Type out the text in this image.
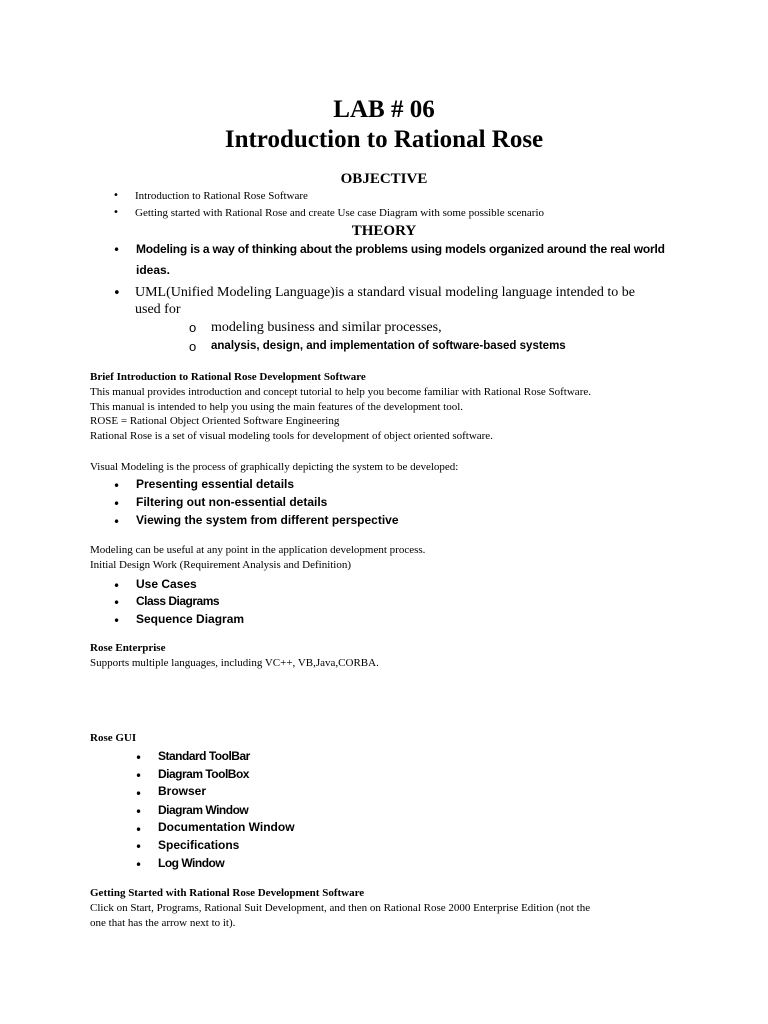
LAB # 06
Introduction to Rational Rose
OBJECTIVE
• Introduction to Rational Rose Software
• Getting started with Rational Rose and create Use case Diagram with some possible scenario
THEORY
• Modeling is a way of thinking about the problems using models organized around the real world
ideas.
• UML(Unified Modeling Language)is a standard visual modeling language intended to be
used for
o modeling business and similar processes,
o analysis, design, and implementation of software-based systems
Brief Introduction to Rational Rose Development Software
This manual provides introduction and concept tutorial to help you become familiar with Rational Rose Software.
This manual is intended to help you using the main features of the development tool.
ROSE = Rational Object Oriented Software Engineering
Rational Rose is a set of visual modeling tools for development of object oriented software.
Visual Modeling is the process of graphically depicting the system to be developed:
• Presenting essential details
• Filtering out non-essential details
• Viewing the system from different perspective
Modeling can be useful at any point in the application development process.
Initial Design Work (Requirement Analysis and Definition)
• Use Cases
• Class Diagrams
• Sequence Diagram
Rose Enterprise
Supports multiple languages, including VC++, VB,Java,CORBA.
Rose GUI
• Standard ToolBar
• Diagram ToolBox
• Browser
• Diagram Window
• Documentation Window
• Specifications
• Log Window
Getting Started with Rational Rose Development Software
Click on Start, Programs, Rational Suit Development, and then on Rational Rose 2000 Enterprise Edition (not the
one that has the arrow next to it).
